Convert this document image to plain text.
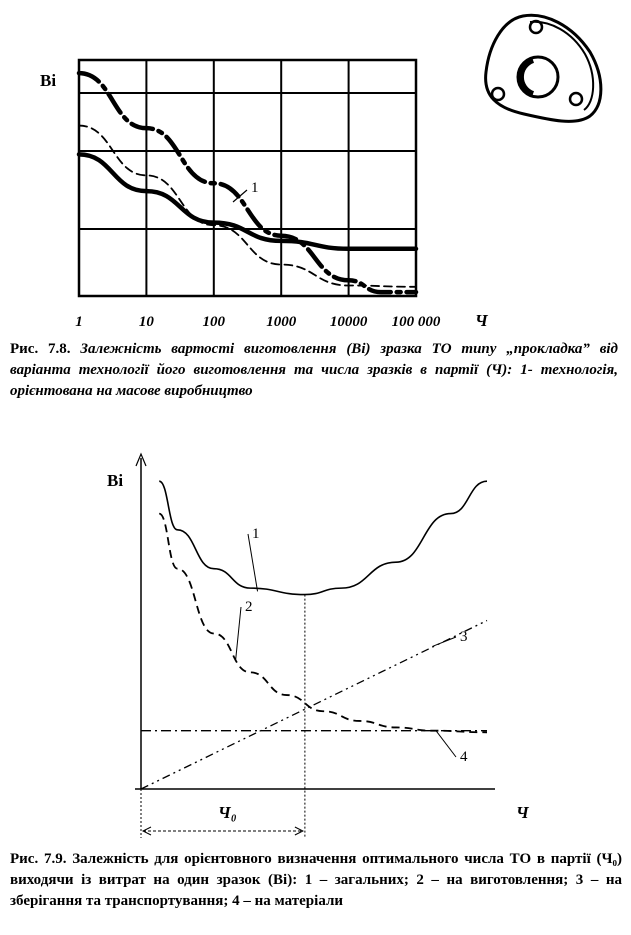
1	10	100	1000 10000 100 000
Ві
Ч
1
Ві
Ч
Ч₀
1
2
3
4

Рис. 7.8. Залежність вартості виготовлення (Ві) зразка ТО типу „прокладка” від варіанта технології його виготовлення та числа зразків в партії (Ч): 1- технологія, орієнтована на масове виробництво

Рис. 7.9. Залежність для орієнтовного визначення оптимального числа ТО в партії (Ч₀) виходячи із витрат на один зразок (Ві): 1 – загальних; 2 – на виготовлення; 3 – на зберігання та транспортування; 4 – на матеріали
